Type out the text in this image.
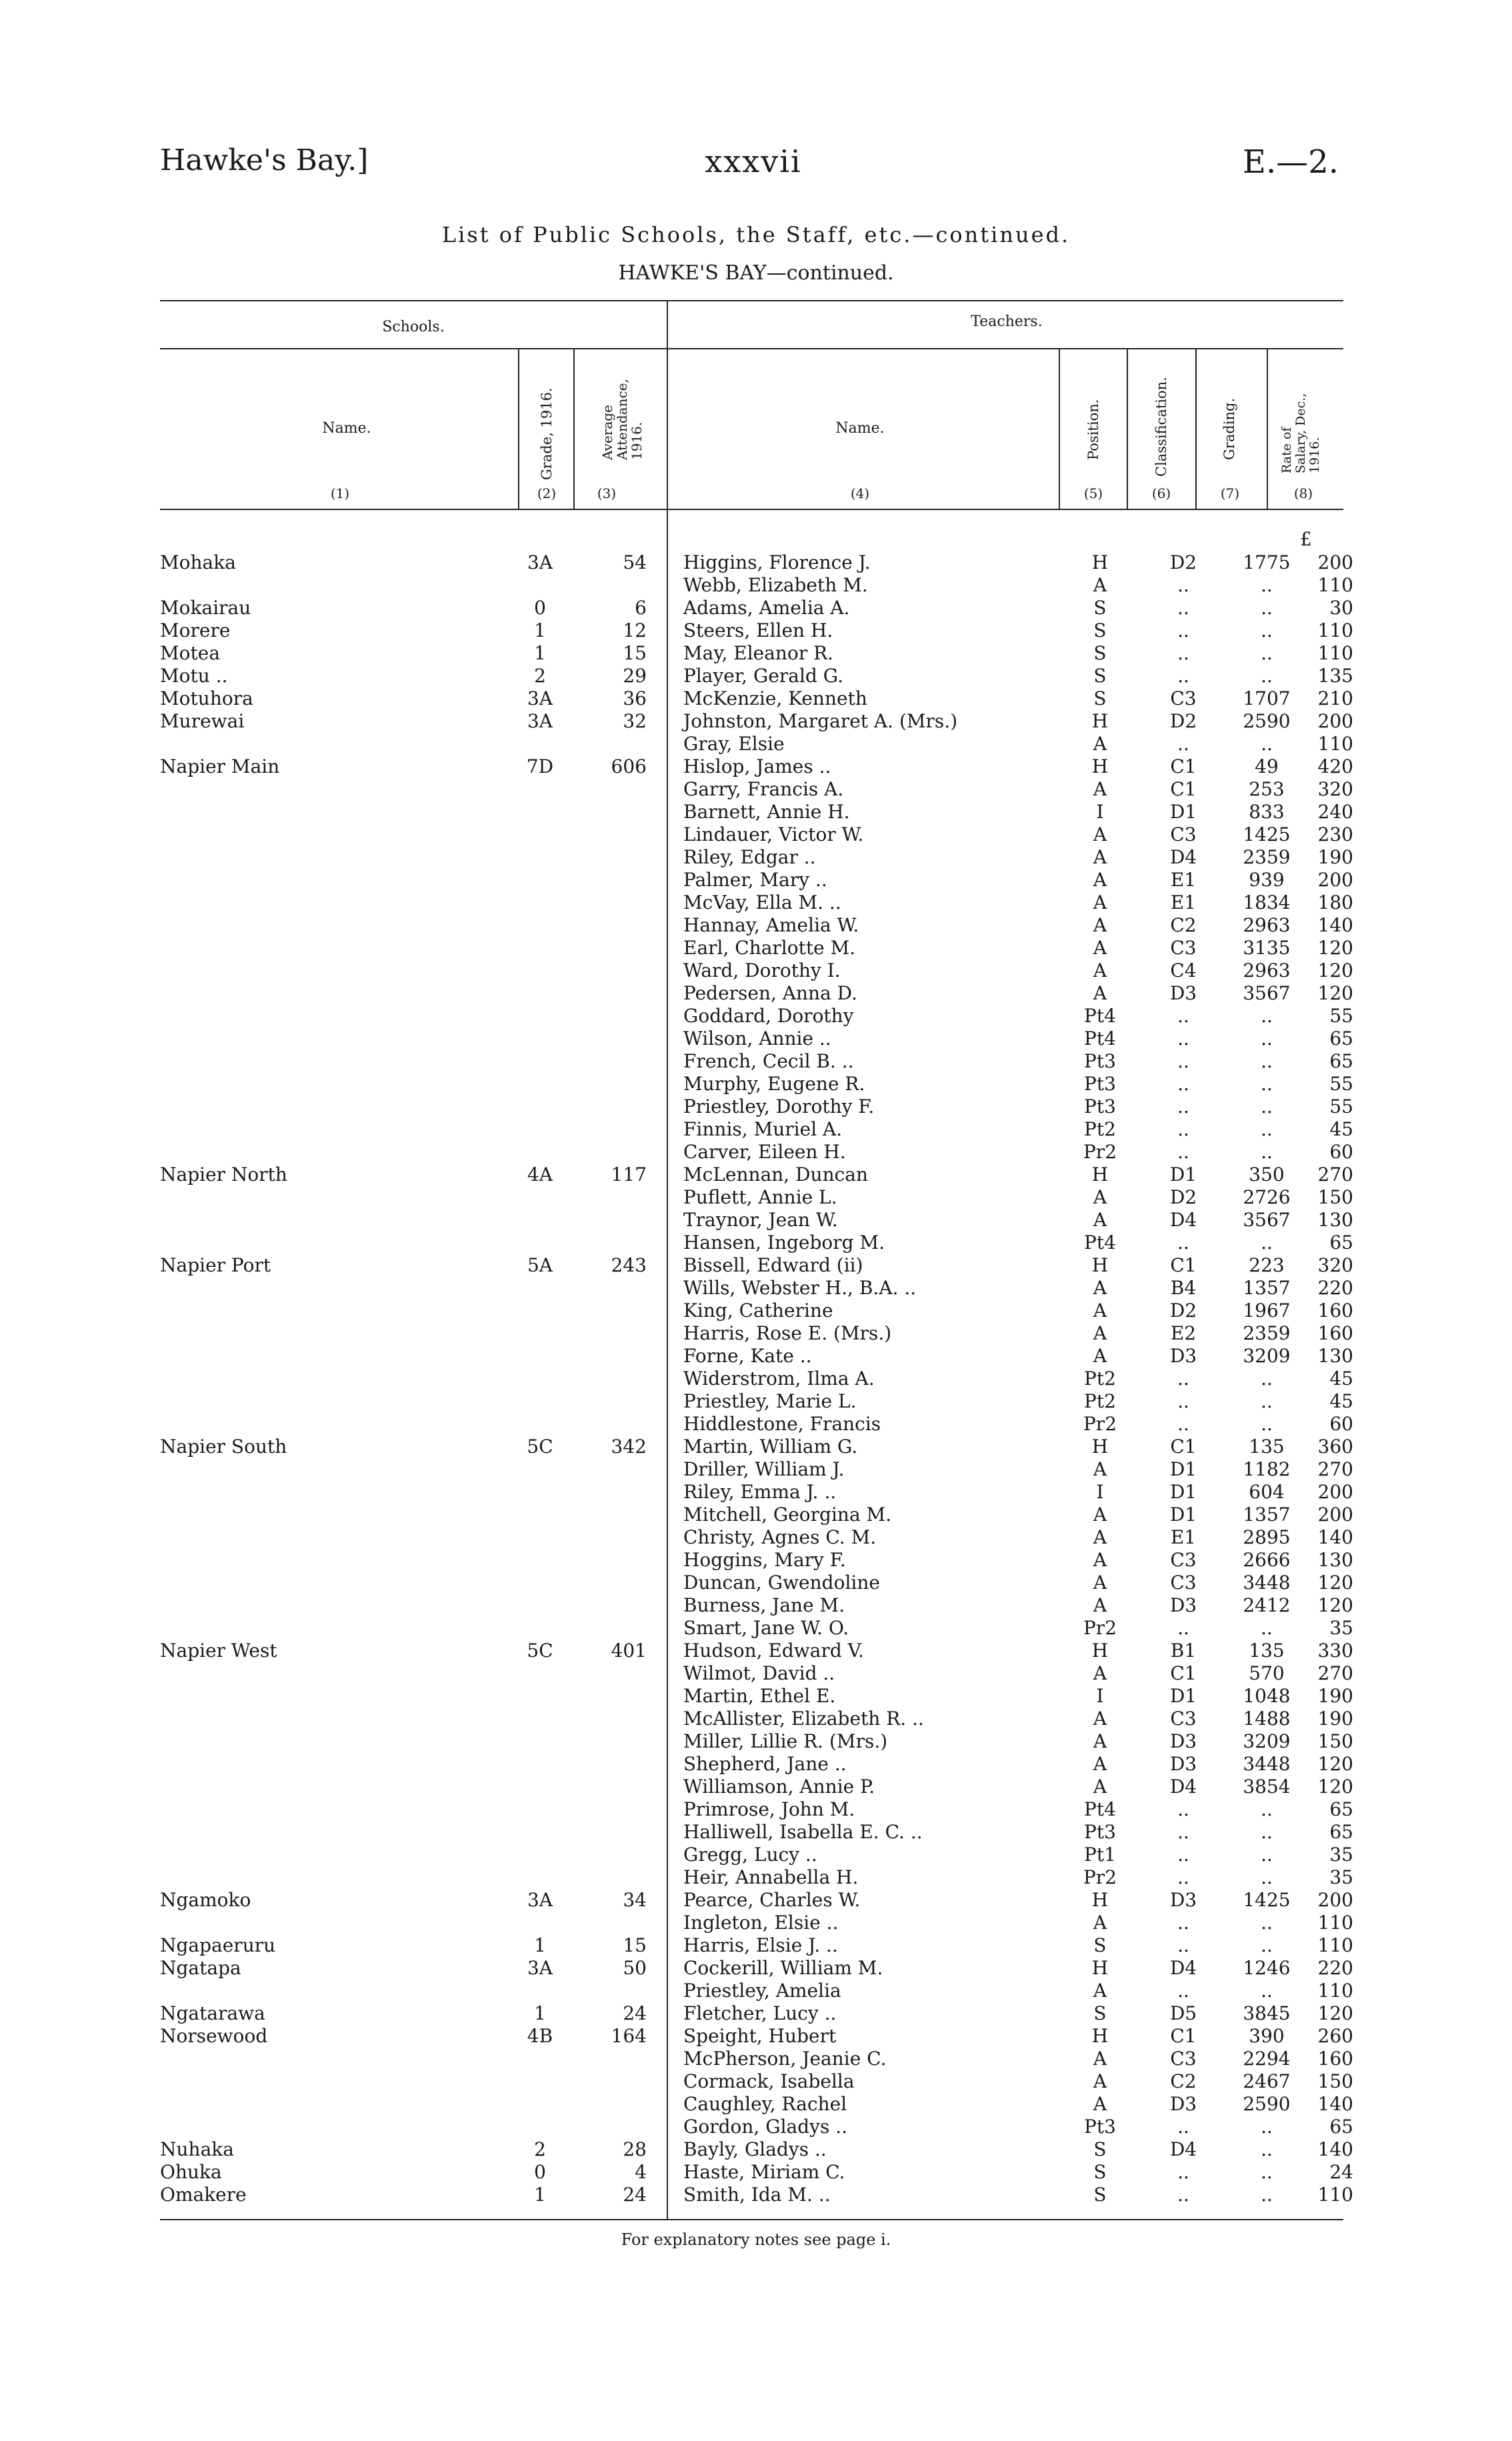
Hawke's Bay.]	xxxvii	E.—2.
List of Public Schools, the Staff, etc.—continued.
HAWKE'S BAY—continued.
Schools.	Teachers.
Name.	Grade, 1916.	Average Attendance, 1916.	Name.	Position.	Classification.	Grading.	Rate of Salary, Dec., 1916.
(1)	(2)	(3)	(4)	(5)	(6)	(7)	(8)
£
Mohaka	3A	54 Higgins, Florence J.	H	D2	1775	200
Webb, Elizabeth M.	A	..	..	110
Mokairau	0	6 Adams, Amelia A.	S	..	..	30
Morere	1	12 Steers, Ellen H.	S	..	..	110
Motea	1	15 May, Eleanor R.	S	..	..	110
Motu ..	2	29 Player, Gerald G.	S	..	..	135
Motuhora	3A	36 McKenzie, Kenneth	S	C3	1707	210
Murewai	3A	32 Johnston, Margaret A. (Mrs.)	H	D2	2590	200
Gray, Elsie	A	..	..	110
Napier Main	7D	606 Hislop, James ..	H	C1	49	420
Garry, Francis A.	A	C1	253	320
Barnett, Annie H.	I	D1	833	240
Lindauer, Victor W.	A	C3	1425	230
Riley, Edgar ..	A	D4	2359	190
Palmer, Mary ..	A	E1	939	200
McVay, Ella M. ..	A	E1	1834	180
Hannay, Amelia W.	A	C2	2963	140
Earl, Charlotte M.	A	C3	3135	120
Ward, Dorothy I.	A	C4	2963	120
Pedersen, Anna D.	A	D3	3567	120
Goddard, Dorothy	Pt4	..	..	55
Wilson, Annie ..	Pt4	..	..	65
French, Cecil B. ..	Pt3	..	..	65
Murphy, Eugene R.	Pt3	..	..	55
Priestley, Dorothy F.	Pt3	..	..	55
Finnis, Muriel A.	Pt2	..	..	45
Carver, Eileen H.	Pr2	..	..	60
Napier North	4A	117 McLennan, Duncan	H	D1	350	270
Puflett, Annie L.	A	D2	2726	150
Traynor, Jean W.	A	D4	3567	130
Hansen, Ingeborg M.	Pt4	..	..	65
Napier Port	5A	243 Bissell, Edward (ii)	H	C1	223	320
Wills, Webster H., B.A. ..	A	B4	1357	220
King, Catherine	A	D2	1967	160
Harris, Rose E. (Mrs.)	A	E2	2359	160
Forne, Kate ..	A	D3	3209	130
Widerstrom, Ilma A.	Pt2	..	..	45
Priestley, Marie L.	Pt2	..	..	45
Hiddlestone, Francis	Pr2	..	..	60
Napier South	5C	342 Martin, William G.	H	C1	135	360
Driller, William J.	A	D1	1182	270
Riley, Emma J. ..	I	D1	604	200
Mitchell, Georgina M.	A	D1	1357	200
Christy, Agnes C. M.	A	E1	2895	140
Hoggins, Mary F.	A	C3	2666	130
Duncan, Gwendoline	A	C3	3448	120
Burness, Jane M.	A	D3	2412	120
Smart, Jane W. O.	Pr2	..	..	35
Napier West	5C	401 Hudson, Edward V.	H	B1	135	330
Wilmot, David ..	A	C1	570	270
Martin, Ethel E.	I	D1	1048	190
McAllister, Elizabeth R. ..	A	C3	1488	190
Miller, Lillie R. (Mrs.)	A	D3	3209	150
Shepherd, Jane ..	A	D3	3448	120
Williamson, Annie P.	A	D4	3854	120
Primrose, John M.	Pt4	..	..	65
Halliwell, Isabella E. C. ..	Pt3	..	..	65
Gregg, Lucy ..	Pt1	..	..	35
Heir, Annabella H.	Pr2	..	..	35
Ngamoko	3A	34 Pearce, Charles W.	H	D3	1425	200
Ingleton, Elsie ..	A	..	..	110
Ngapaeruru	1	15 Harris, Elsie J. ..	S	..	..	110
Ngatapa	3A	50 Cockerill, William M.	H	D4	1246	220
Priestley, Amelia	A	..	..	110
Ngatarawa	1	24 Fletcher, Lucy ..	S	D5	3845	120
Norsewood	4B	164 Speight, Hubert	H	C1	390	260
McPherson, Jeanie C.	A	C3	2294	160
Cormack, Isabella	A	C2	2467	150
Caughley, Rachel	A	D3	2590	140
Gordon, Gladys ..	Pt3	..	..	65
Nuhaka	2	28 Bayly, Gladys ..	S	D4	..	140
Ohuka	0	4 Haste, Miriam C.	S	..	..	24
Omakere	1	24 Smith, Ida M. ..	S	..	..	110
For explanatory notes see page i.
